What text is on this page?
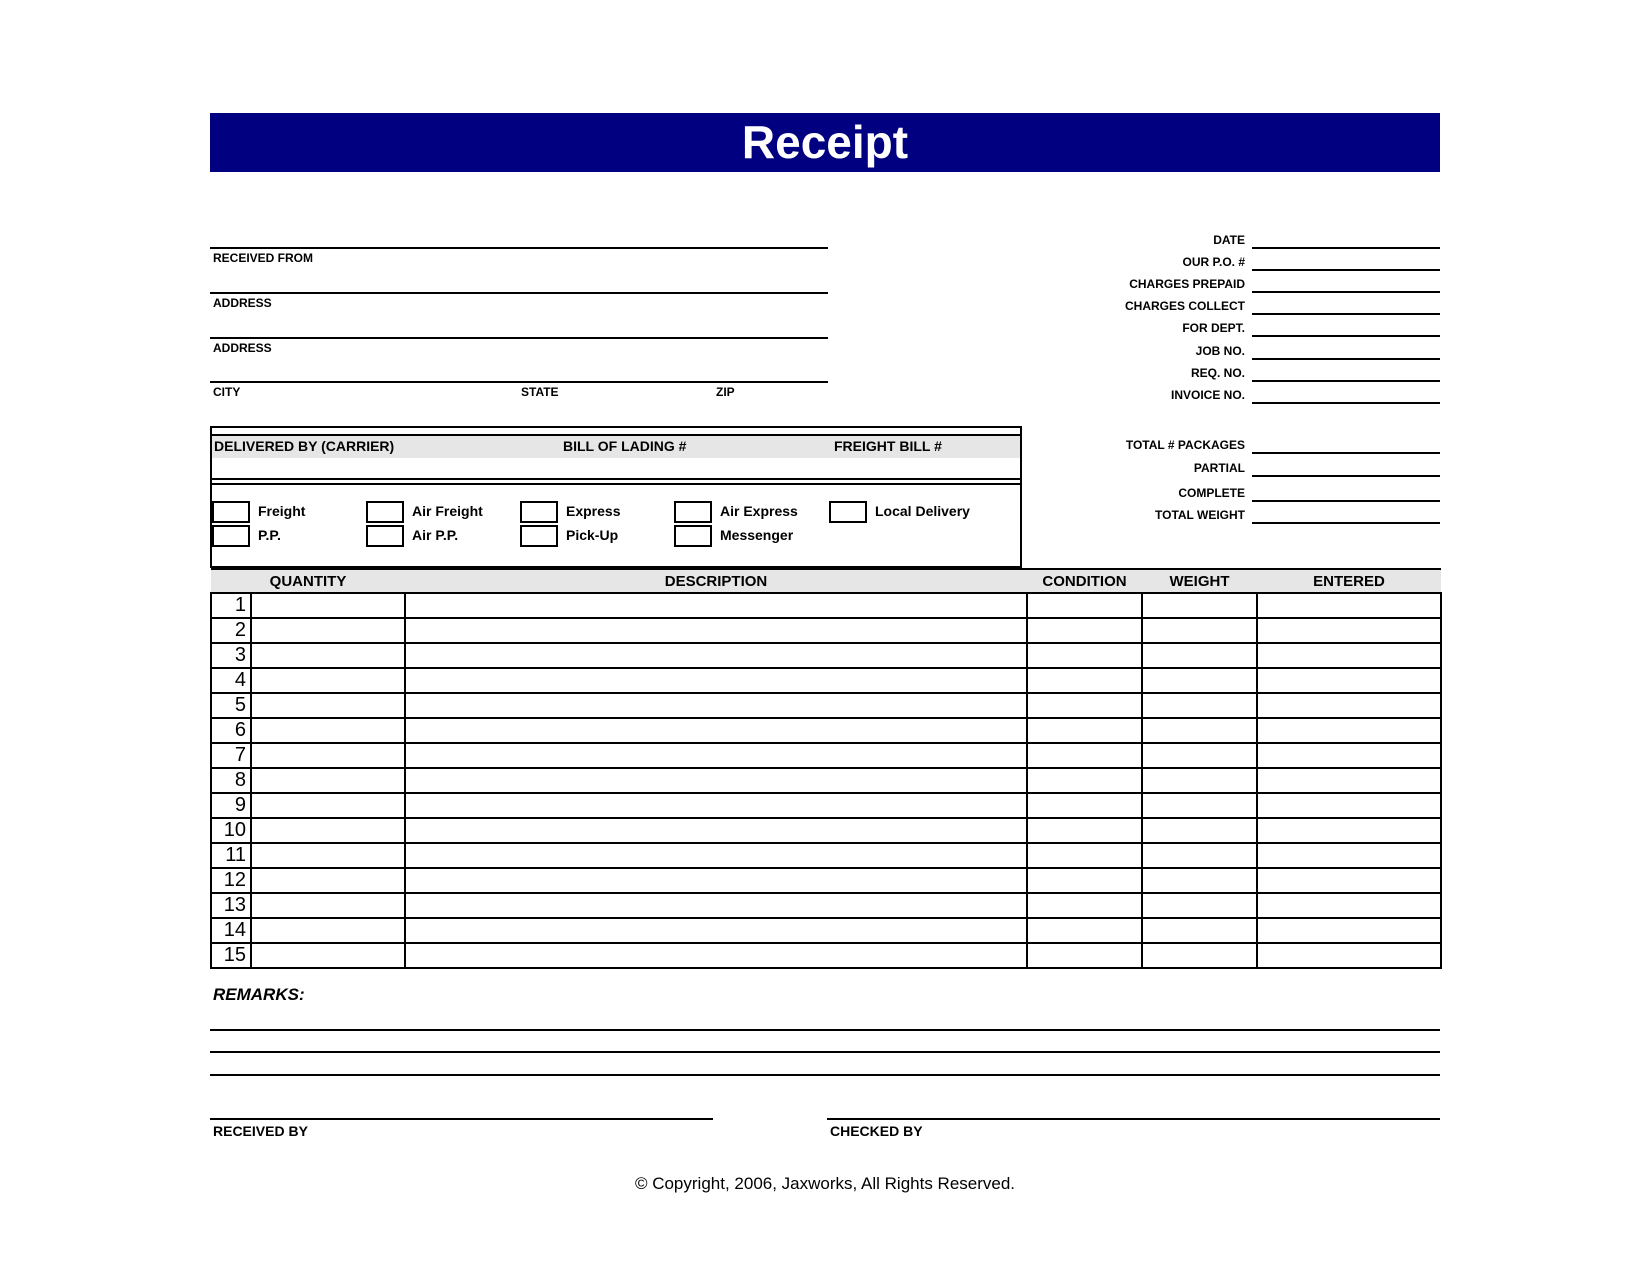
Receipt
RECEIVED FROM
ADDRESS
ADDRESS
CITY	STATE	ZIP
DATE
OUR P.O. #
CHARGES PREPAID
CHARGES COLLECT
FOR DEPT.
JOB NO.
REQ. NO.
INVOICE NO.
TOTAL # PACKAGES
PARTIAL
COMPLETE
TOTAL WEIGHT
DELIVERED BY (CARRIER)	BILL OF LADING #	FREIGHT BILL #
Freight
P.P.
Air Freight
Air P.P.
Express
Pick-Up
Air Express
Messenger
Local Delivery
QUANTITY		DESCRIPTION	CONDITION	WEIGHT	ENTERED
1					
2					
3					
4					
5					
6					
7					
8					
9					
10					
11					
12					
13					
14					
15					
REMARKS:
RECEIVED BY	CHECKED BY
© Copyright, 2006, Jaxworks, All Rights Reserved.
